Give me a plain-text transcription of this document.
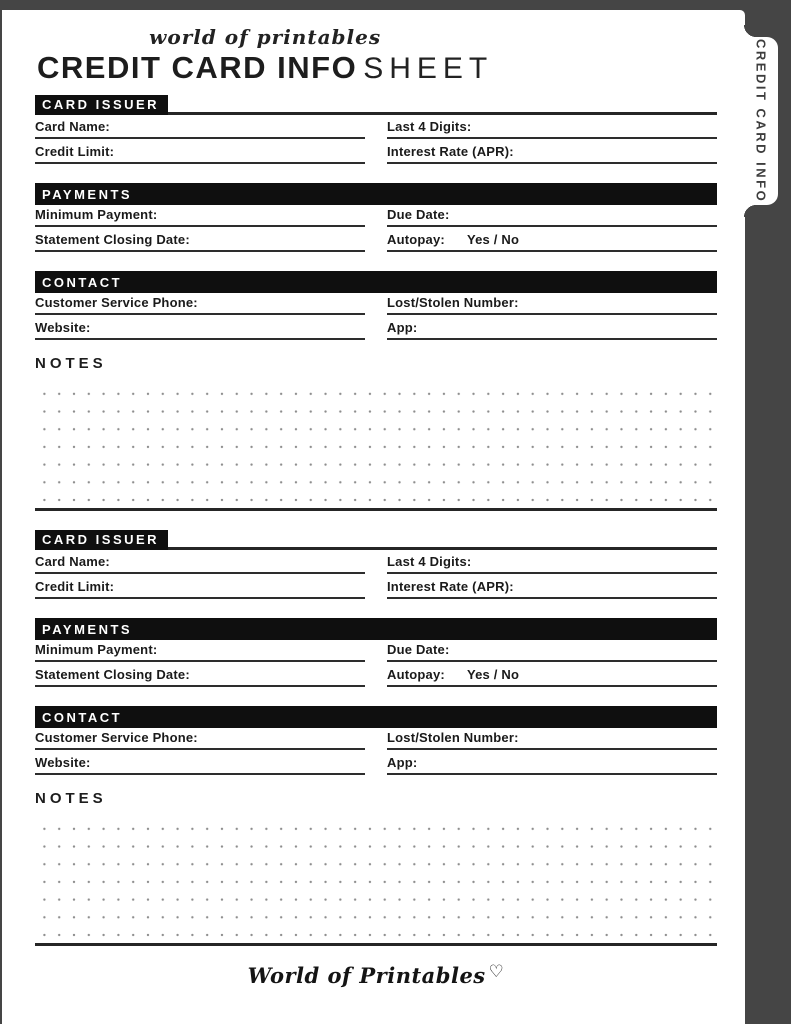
world of printables
CREDIT CARD INFO SHEET
CARD ISSUER
Card Name:	Last 4 Digits:
Credit Limit:	Interest Rate (APR):
PAYMENTS
Minimum Payment:	Due Date:
Statement Closing Date:	Autopay: Yes / No
CONTACT
Customer Service Phone:	Lost/Stolen Number:
Website:	App:
NOTES
CARD ISSUER
Card Name:	Last 4 Digits:
Credit Limit:	Interest Rate (APR):
PAYMENTS
Minimum Payment:	Due Date:
Statement Closing Date:	Autopay: Yes / No
CONTACT
Customer Service Phone:	Lost/Stolen Number:
Website:	App:
NOTES
World of Printables ♡
CREDIT CARD INFO
